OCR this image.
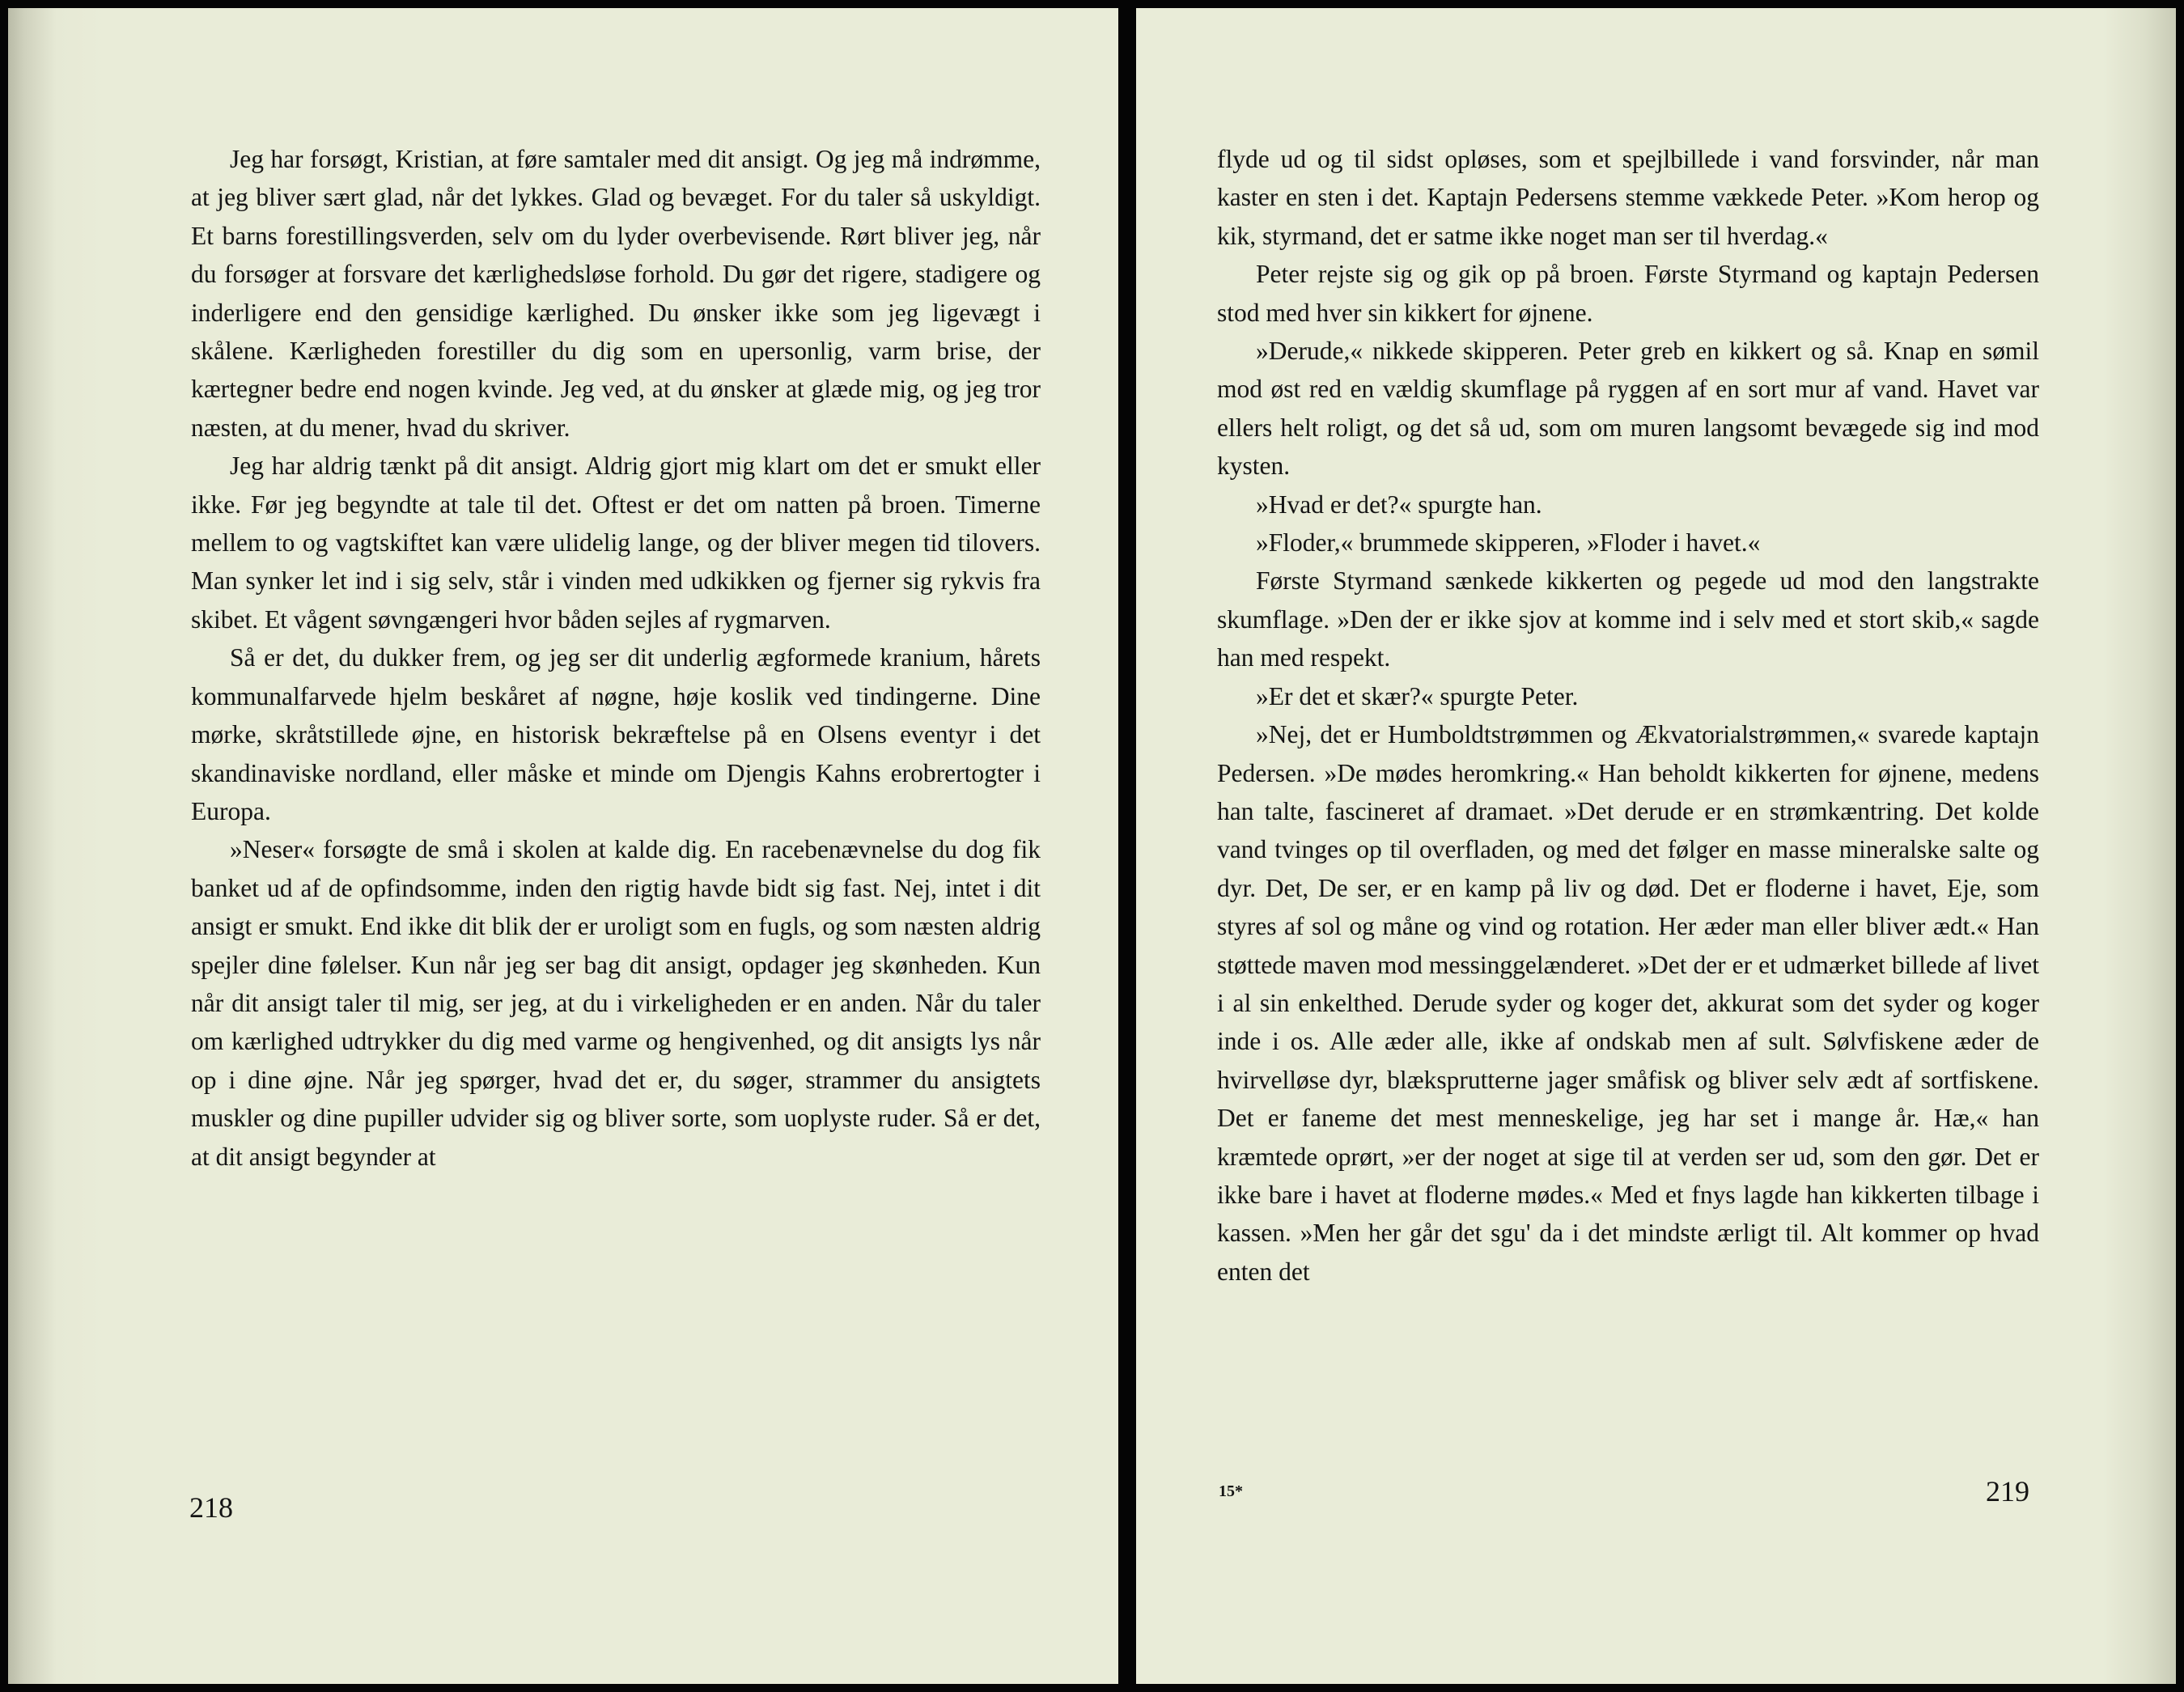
Jeg har forsøgt, Kristian, at føre samtaler med dit ansigt. Og jeg må indrømme, at jeg bliver sært glad, når det lykkes. Glad og bevæget. For du taler så uskyldigt. Et barns forestillingsverden, selv om du lyder overbevisende. Rørt bliver jeg, når du forsøger at forsvare det kærlighedsløse forhold. Du gør det rigere, stadigere og inderligere end den gensidige kærlighed. Du ønsker ikke som jeg ligevægt i skålene. Kærligheden forestiller du dig som en upersonlig, varm brise, der kærtegner bedre end nogen kvinde. Jeg ved, at du ønsker at glæde mig, og jeg tror næsten, at du mener, hvad du skriver.

Jeg har aldrig tænkt på dit ansigt. Aldrig gjort mig klart om det er smukt eller ikke. Før jeg begyndte at tale til det. Oftest er det om natten på broen. Timerne mellem to og vagtskiftet kan være ulidelig lange, og der bliver megen tid tilovers. Man synker let ind i sig selv, står i vinden med udkikken og fjerner sig rykvis fra skibet. Et vågent søvngængeri hvor båden sejles af rygmarven.

Så er det, du dukker frem, og jeg ser dit underlig ægformede kranium, hårets kommunalfarvede hjelm beskåret af nøgne, høje koslik ved tindingerne. Dine mørke, skråtstillede øjne, en historisk bekræftelse på en Olsens eventyr i det skandinaviske nordland, eller måske et minde om Djengis Kahns erobrertogter i Europa.

»Neser« forsøgte de små i skolen at kalde dig. En racebenævnelse du dog fik banket ud af de opfindsomme, inden den rigtig havde bidt sig fast. Nej, intet i dit ansigt er smukt. End ikke dit blik der er uroligt som en fugls, og som næsten aldrig spejler dine følelser. Kun når jeg ser bag dit ansigt, opdager jeg skønheden. Kun når dit ansigt taler til mig, ser jeg, at du i virkeligheden er en anden. Når du taler om kærlighed udtrykker du dig med varme og hengivenhed, og dit ansigts lys når op i dine øjne. Når jeg spørger, hvad det er, du søger, strammer du ansigtets muskler og dine pupiller udvider sig og bliver sorte, som uoplyste ruder. Så er det, at dit ansigt begynder at

218

flyde ud og til sidst opløses, som et spejlbillede i vand forsvinder, når man kaster en sten i det. Kaptajn Pedersens stemme vækkede Peter. »Kom herop og kik, styrmand, det er satme ikke noget man ser til hverdag.«

Peter rejste sig og gik op på broen. Første Styrmand og kaptajn Pedersen stod med hver sin kikkert for øjnene.

»Derude,« nikkede skipperen. Peter greb en kikkert og så. Knap en sømil mod øst red en vældig skumflage på ryggen af en sort mur af vand. Havet var ellers helt roligt, og det så ud, som om muren langsomt bevægede sig ind mod kysten.

»Hvad er det?« spurgte han.

»Floder,« brummede skipperen, »Floder i havet.«

Første Styrmand sænkede kikkerten og pegede ud mod den langstrakte skumflage. »Den der er ikke sjov at komme ind i selv med et stort skib,« sagde han med respekt.

»Er det et skær?« spurgte Peter.

»Nej, det er Humboldtstrømmen og Ækvatorialstrømmen,« svarede kaptajn Pedersen. »De mødes heromkring.« Han beholdt kikkerten for øjnene, medens han talte, fascineret af dramaet. »Det derude er en strømkæntring. Det kolde vand tvinges op til overfladen, og med det følger en masse mineralske salte og dyr. Det, De ser, er en kamp på liv og død. Det er floderne i havet, Eje, som styres af sol og måne og vind og rotation. Her æder man eller bliver ædt.« Han støttede maven mod messinggelænderet. »Det der er et udmærket billede af livet i al sin enkelthed. Derude syder og koger det, akkurat som det syder og koger inde i os. Alle æder alle, ikke af ondskab men af sult. Sølvfiskene æder de hvirvelløse dyr, blæksprutterne jager småfisk og bliver selv ædt af sortfiskene. Det er faneme det mest menneskelige, jeg har set i mange år. Hæ,« han kræmtede oprørt, »er der noget at sige til at verden ser ud, som den gør. Det er ikke bare i havet at floderne mødes.« Med et fnys lagde han kikkerten tilbage i kassen. »Men her går det sgu' da i det mindste ærligt til. Alt kommer op hvad enten det

15*	219
